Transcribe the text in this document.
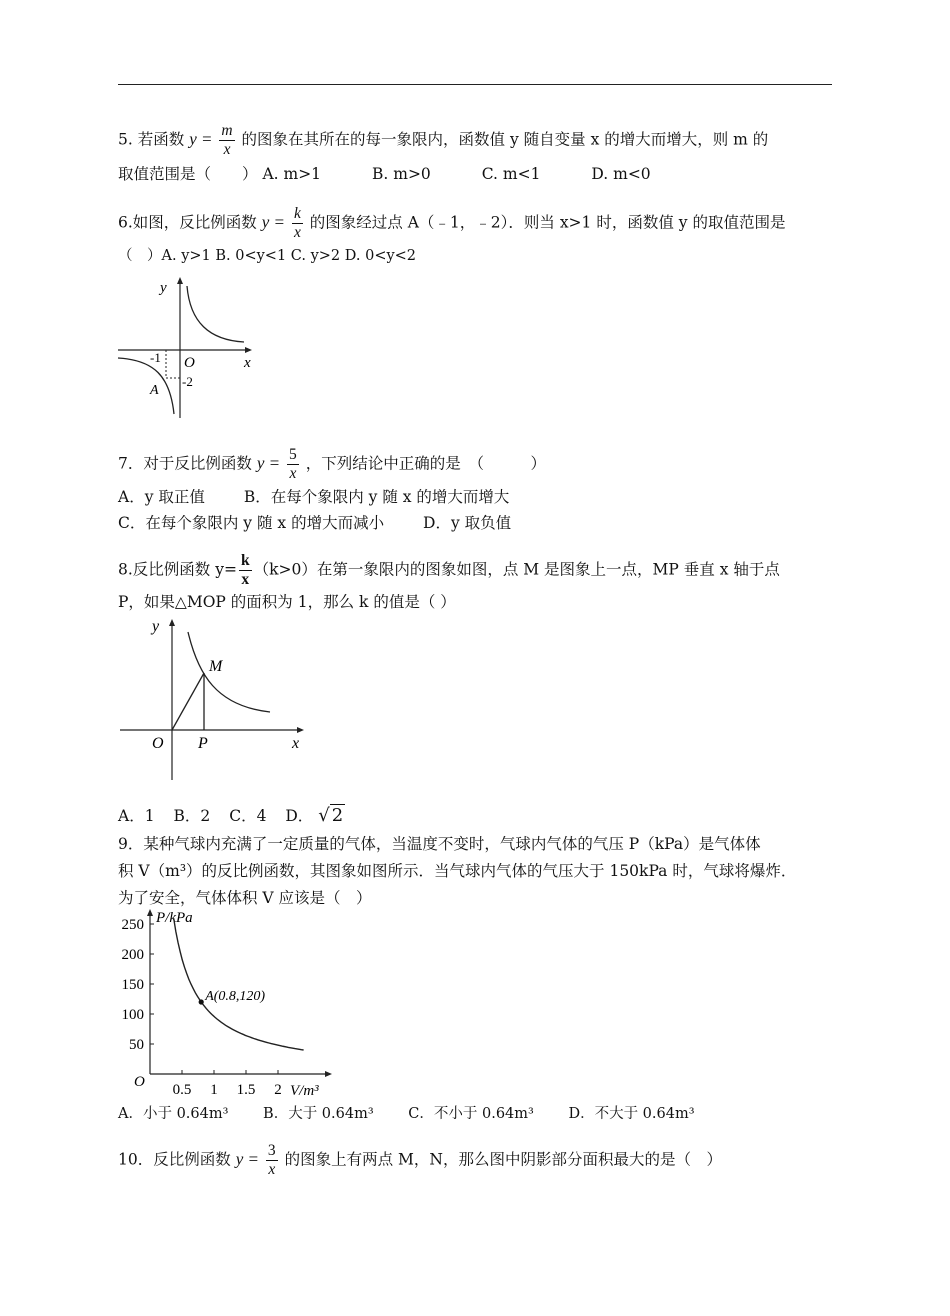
5. 若函数 $y = \frac{m}{x}$ 的图象在其所在的每一象限内，函数值 y 随自变量 x 的增大而增大，则 m 的
取值范围是（　　） A. m>1	B. m>0	C. m<1	D. m<0
6.如图，反比例函数 $y = \frac{k}{x}$ 的图象经过点 A（﹣1，﹣2）．则当 x>1 时，函数值 y 的取值范围是
（　）A. y>1 B. 0<y<1 C. y>2 D. 0<y<2
y
x
O
A
-1
-2
7．对于反比例函数 $y = \frac{5}{x}$ ，下列结论中正确的是　（　　　）
A．y 取正值	B．在每个象限内 y 随 x 的增大而增大
C．在每个象限内 y 随 x 的增大而减小	D．y 取负值
8.反比例函数 $y= \frac{k}{x} (k>0)$在第一象限内的图象如图，点 M 是图象上一点，MP 垂直 x 轴于点
P，如果△MOP 的面积为 1，那么 k 的值是（ ）
y
x
O P
M
A．1 B．2 C．4 D． √ 2
9．某种气球内充满了一定质量的气体，当温度不变时，气球内气体的气压 P（kPa）是气体体
积 V（m³）的反比例函数，其图象如图所示．当气球内气体的气压大于 150kPa 时，气球将爆炸．
为了安全，气体体积 V 应该是（　）
P/kPa
V/m³
O 0.5 1 1.5 2
50
100
150
200
250
A(0.8,120)
A．小于 0.64m³ B．大于 0.64m³ C．不小于 0.64m³ D．不大于 0.64m³
10．反比例函数 $y = \frac{3}{x}$ 的图象上有两点 M，N，那么图中阴影部分面积最大的是（　）
